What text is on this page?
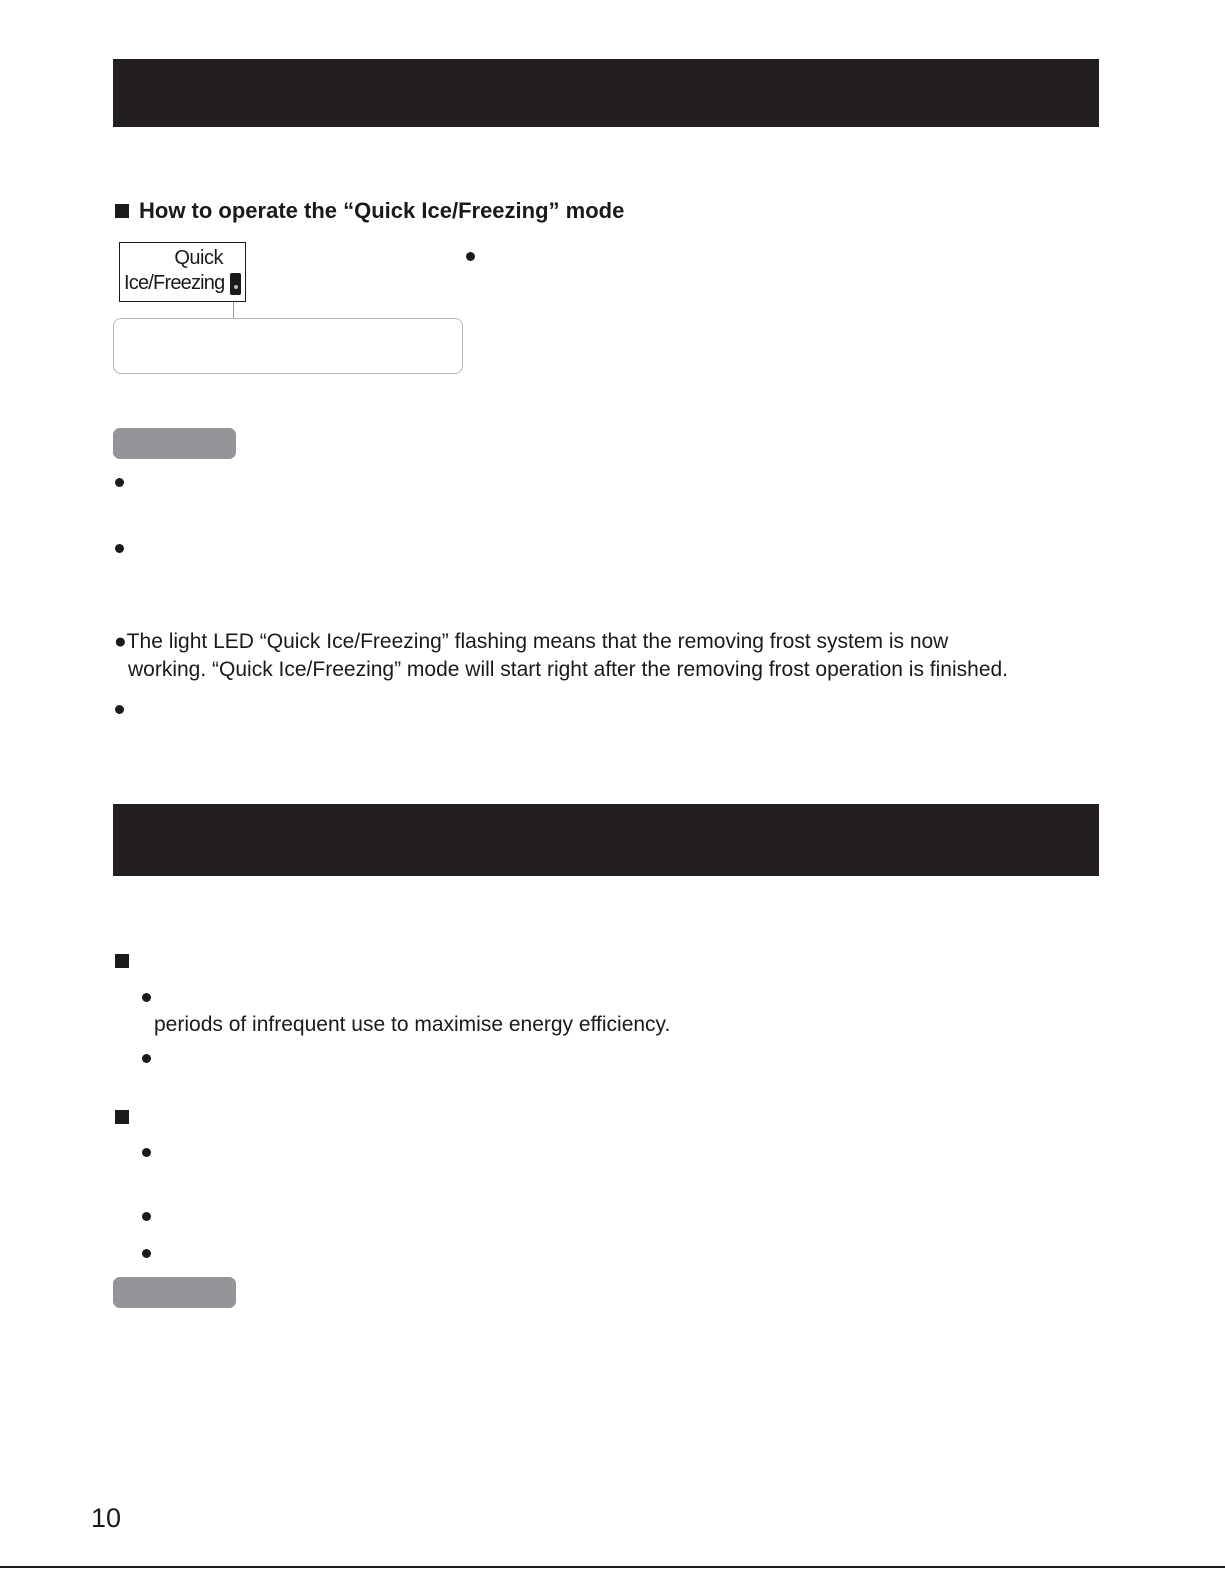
How to operate the “Quick Ice/Freezing” mode
Quick
Ice/Freezing
●The light LED “Quick Ice/Freezing” flashing means that the removing frost system is now
working. “Quick Ice/Freezing” mode will start right after the removing frost operation is finished.
periods of infrequent use to maximise energy efficiency.
10
